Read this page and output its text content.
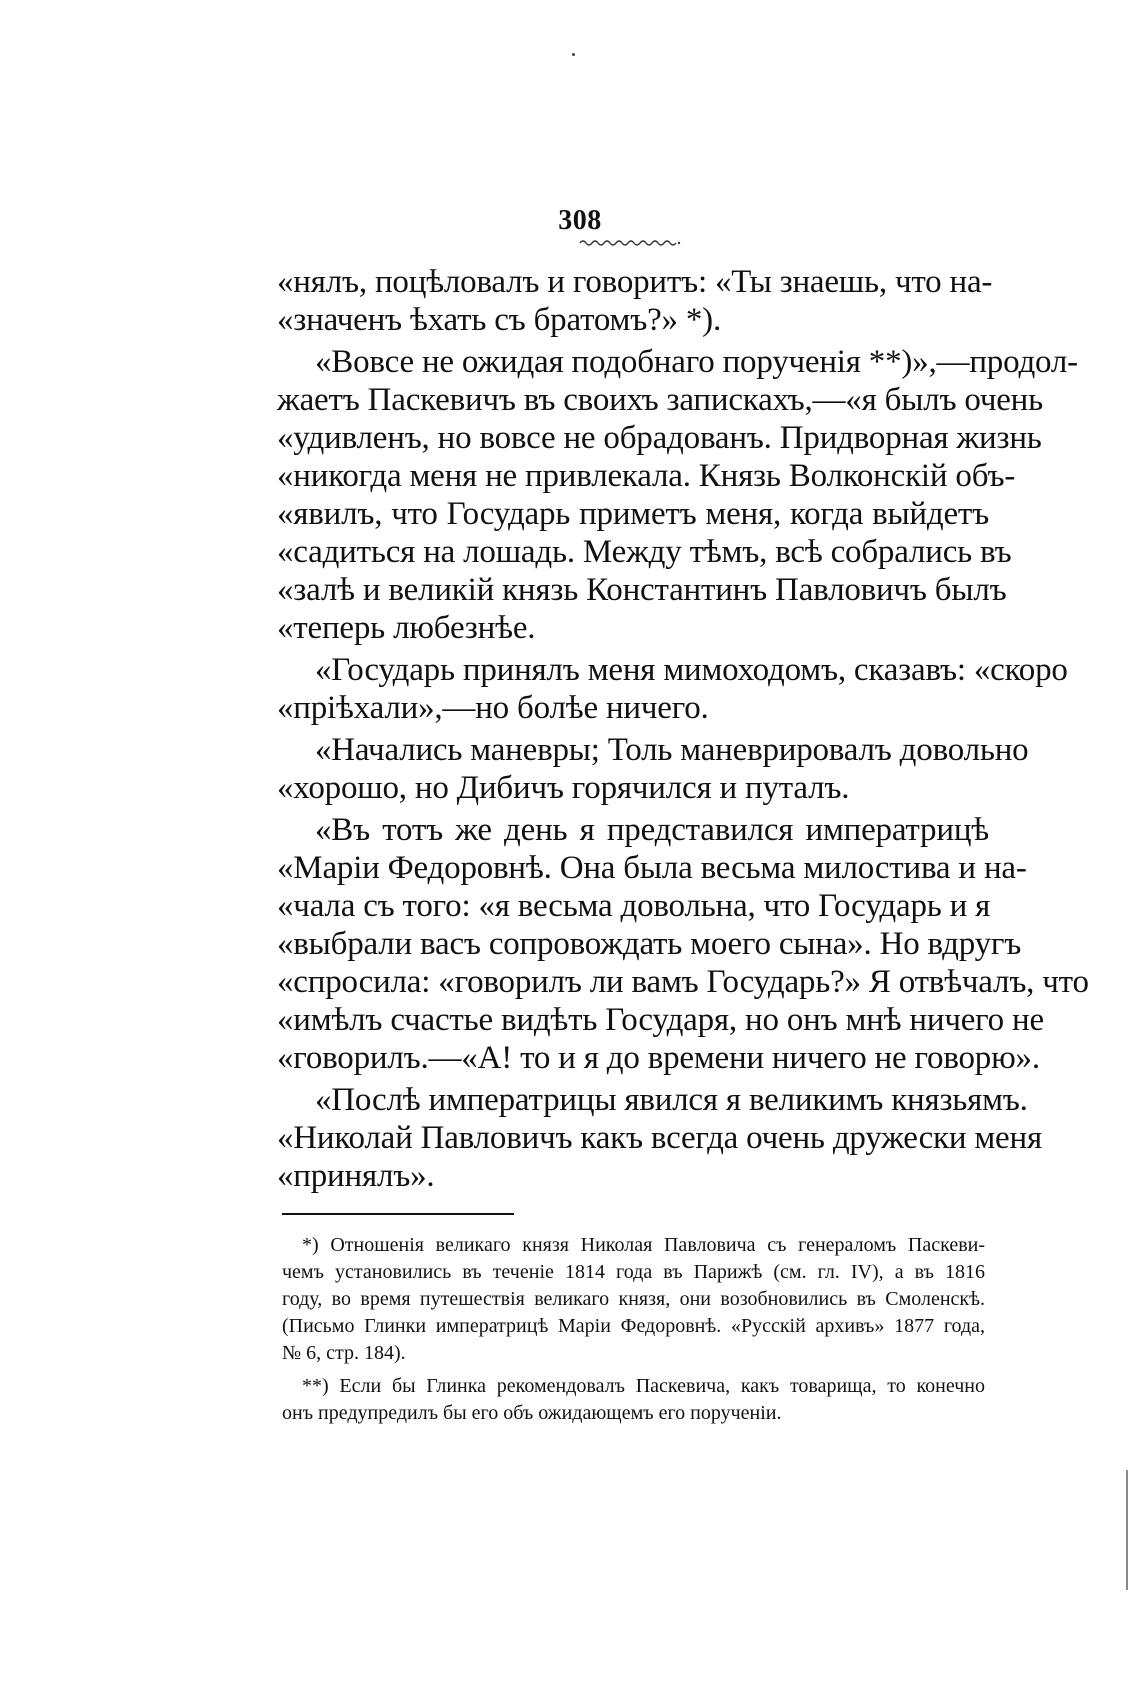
308
«нялъ, поцѣловалъ и говоритъ: «Ты знаешь, что на-
«значенъ ѣхать съ братомъ?» *).
«Вовсе не ожидая подобнаго порученія **)»,—продол-
жаетъ Паскевичъ въ своихъ запискахъ,—«я былъ очень
«удивленъ, но вовсе не обрадованъ. Придворная жизнь
«никогда меня не привлекала. Князь Волконскій объ-
«явилъ, что Государь приметъ меня, когда выйдетъ
«садиться на лошадь. Между тѣмъ, всѣ собрались въ
«залѣ и великій князь Константинъ Павловичъ былъ
«теперь любезнѣе.
«Государь принялъ меня мимоходомъ, сказавъ: «скоро
«пріѣхали»,—но болѣе ничего.
«Начались маневры; Толь маневрировалъ довольно
«хорошо, но Дибичъ горячился и путалъ.
«Въ тотъ же день я представился императрицѣ
«Маріи Федоровнѣ. Она была весьма милостива и на-
«чала съ того: «я весьма довольна, что Государь и я
«выбрали васъ сопровождать моего сына». Но вдругъ
«спросила: «говорилъ ли вамъ Государь?» Я отвѣчалъ, что
«имѣлъ счастье видѣть Государя, но онъ мнѣ ничего не
«говорилъ.—«А! то и я до времени ничего не говорю».
«Послѣ императрицы явился я великимъ князьямъ.
«Николай Павловичъ какъ всегда очень дружески меня
«принялъ».
*) Отношенія великаго князя Николая Павловича съ генераломъ Паскеви-
чемъ установились въ теченіе 1814 года въ Парижѣ (см. гл. IV), а въ 1816
году, во время путешествія великаго князя, они возобновились въ Смоленскѣ.
(Письмо Глинки императрицѣ Маріи Федоровнѣ. «Русскій архивъ» 1877 года,
№ 6, стр. 184).
**) Если бы Глинка рекомендовалъ Паскевича, какъ товарища, то конечно
онъ предупредилъ бы его объ ожидающемъ его порученіи.
